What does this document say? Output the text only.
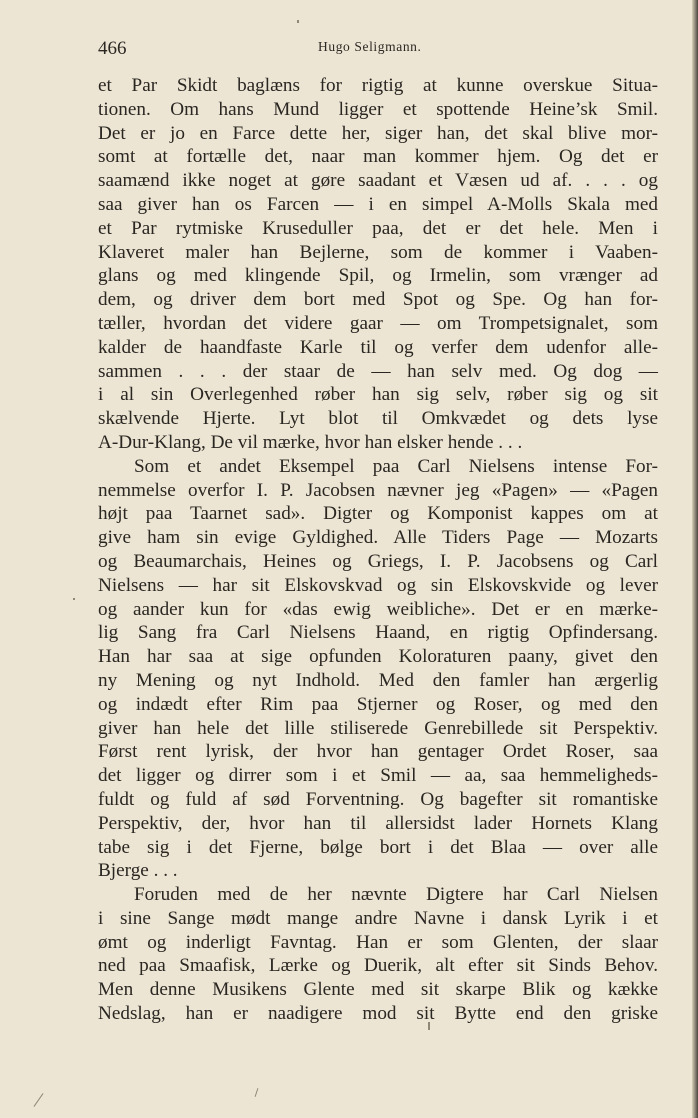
466	Hugo Seligmann.
et Par Skidt baglæns for rigtig at kunne overskue Situa-
tionen. Om hans Mund ligger et spottende Heine’sk Smil.
Det er jo en Farce dette her, siger han, det skal blive mor-
somt at fortælle det, naar man kommer hjem. Og det er
saamænd ikke noget at gøre saadant et Væsen ud af. . . . og
saa giver han os Farcen — i en simpel A-Molls Skala med
et Par rytmiske Kruseduller paa, det er det hele. Men i
Klaveret maler han Bejlerne, som de kommer i Vaaben-
glans og med klingende Spil, og Irmelin, som vrænger ad
dem, og driver dem bort med Spot og Spe. Og han for-
tæller, hvordan det videre gaar — om Trompetsignalet, som
kalder de haandfaste Karle til og verfer dem udenfor alle-
sammen . . . der staar de — han selv med. Og dog —
i al sin Overlegenhed røber han sig selv, røber sig og sit
skælvende Hjerte. Lyt blot til Omkvædet og dets lyse
A-Dur-Klang, De vil mærke, hvor han elsker hende . . .
Som et andet Eksempel paa Carl Nielsens intense For-
nemmelse overfor I. P. Jacobsen nævner jeg «Pagen» — «Pagen
højt paa Taarnet sad». Digter og Komponist kappes om at
give ham sin evige Gyldighed. Alle Tiders Page — Mozarts
og Beaumarchais, Heines og Griegs, I. P. Jacobsens og Carl
Nielsens — har sit Elskovskvad og sin Elskovskvide og lever
og aander kun for «das ewig weibliche». Det er en mærke-
lig Sang fra Carl Nielsens Haand, en rigtig Opfindersang.
Han har saa at sige opfunden Koloraturen paany, givet den
ny Mening og nyt Indhold. Med den famler han ærgerlig
og indædt efter Rim paa Stjerner og Roser, og med den
giver han hele det lille stiliserede Genrebillede sit Perspektiv.
Først rent lyrisk, der hvor han gentager Ordet Roser, saa
det ligger og dirrer som i et Smil — aa, saa hemmeligheds-
fuldt og fuld af sød Forventning. Og bagefter sit romantiske
Perspektiv, der, hvor han til allersidst lader Hornets Klang
tabe sig i det Fjerne, bølge bort i det Blaa — over alle
Bjerge . . .
Foruden med de her nævnte Digtere har Carl Nielsen
i sine Sange mødt mange andre Navne i dansk Lyrik i et
ømt og inderligt Favntag. Han er som Glenten, der slaar
ned paa Smaafisk, Lærke og Duerik, alt efter sit Sinds Behov.
Men denne Musikens Glente med sit skarpe Blik og kække
Nedslag, han er naadigere mod sit Bytte end den griske
